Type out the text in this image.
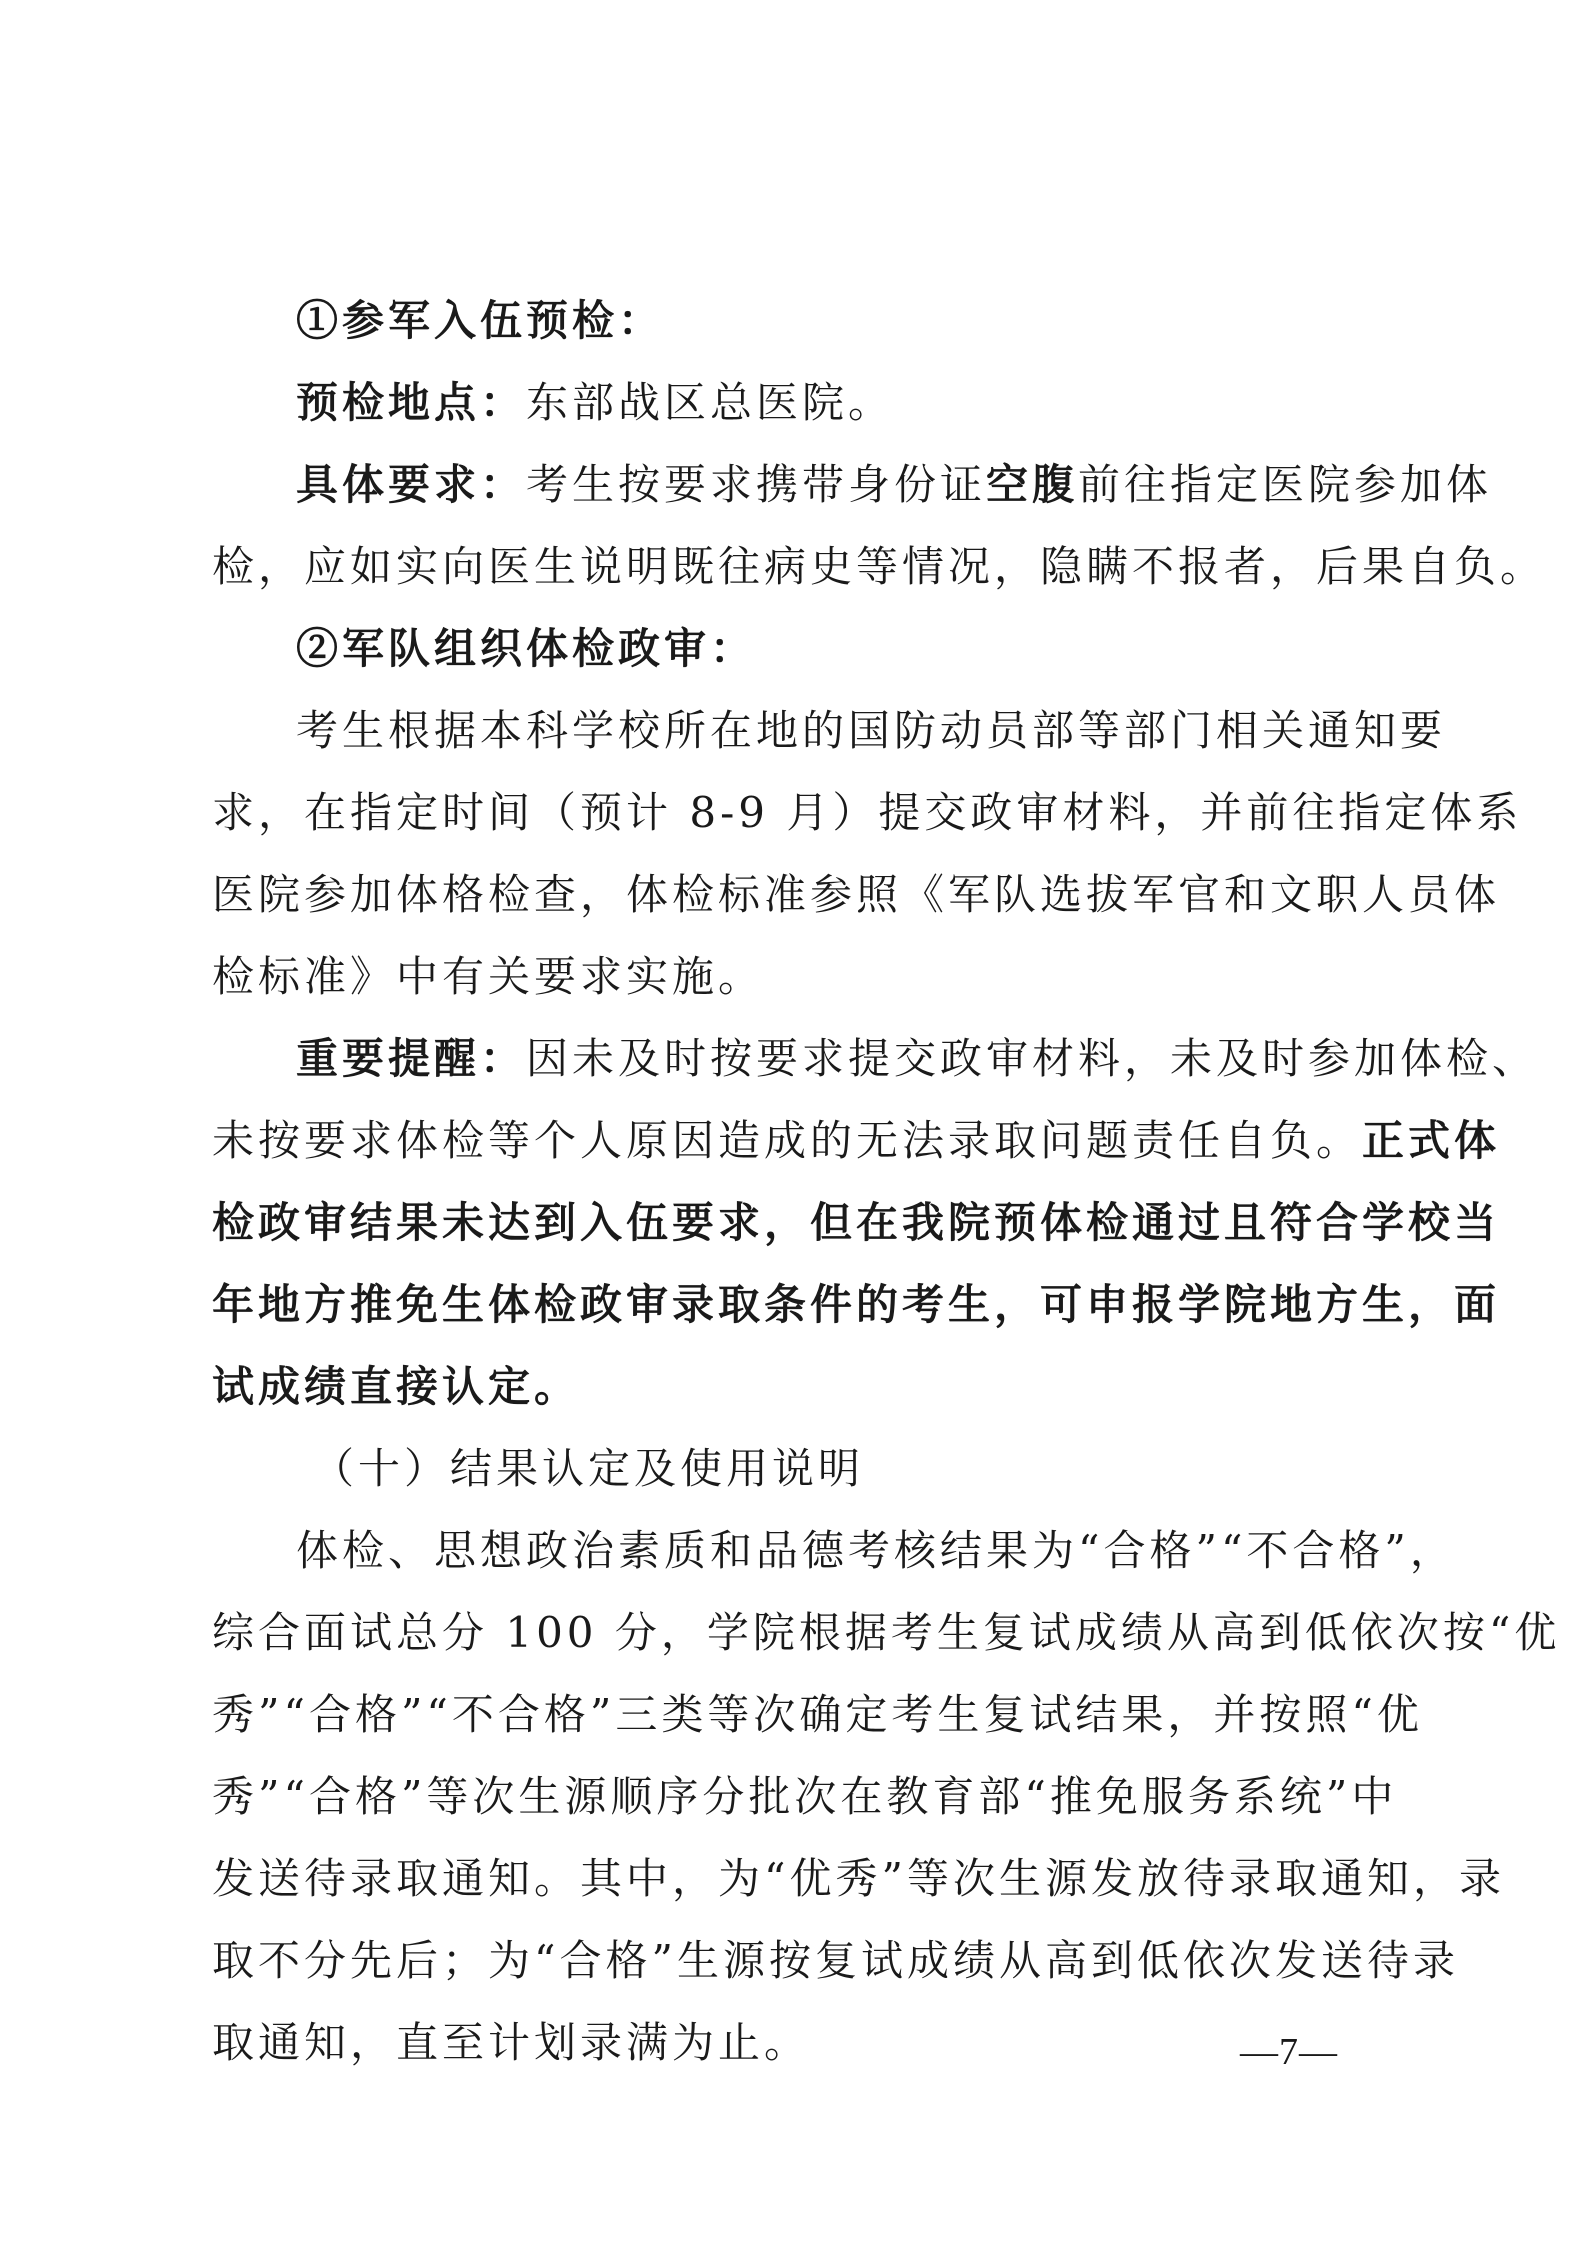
①参军入伍预检：
预检地点：东部战区总医院。
具体要求：考生按要求携带身份证空腹前往指定医院参加体
检，应如实向医生说明既往病史等情况，隐瞒不报者，后果自负。
②军队组织体检政审：
考生根据本科学校所在地的国防动员部等部门相关通知要
求，在指定时间（预计 8-9 月）提交政审材料，并前往指定体系
医院参加体格检查，体检标准参照《军队选拔军官和文职人员体
检标准》中有关要求实施。
重要提醒：因未及时按要求提交政审材料，未及时参加体检、
未按要求体检等个人原因造成的无法录取问题责任自负。正式体
检政审结果未达到入伍要求，但在我院预体检通过且符合学校当
年地方推免生体检政审录取条件的考生，可申报学院地方生，面
试成绩直接认定。
（十）结果认定及使用说明
体检、思想政治素质和品德考核结果为“合格”“不合格”，
综合面试总分 100 分，学院根据考生复试成绩从高到低依次按“优
秀”“合格”“不合格”三类等次确定考生复试结果，并按照“优
秀”“合格”等次生源顺序分批次在教育部“推免服务系统”中
发送待录取通知。其中，为“优秀”等次生源发放待录取通知，录
取不分先后；为“合格”生源按复试成绩从高到低依次发送待录
取通知，直至计划录满为止。	—7—
